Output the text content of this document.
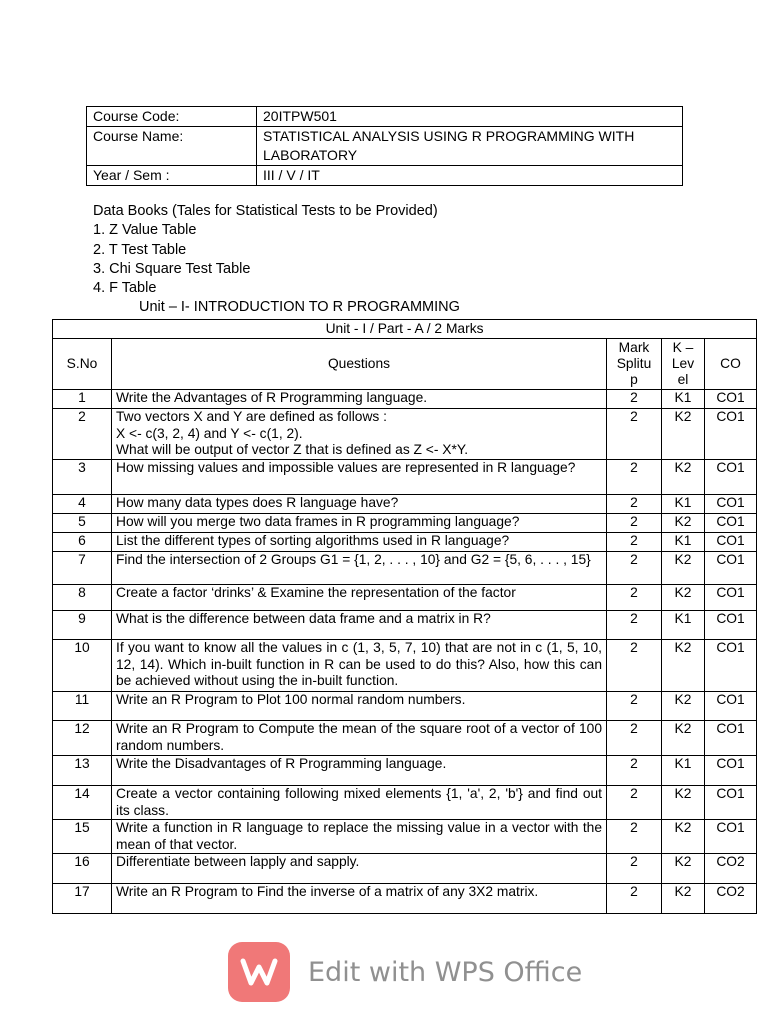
Course Code:	20ITPW501
Course Name:	STATISTICAL ANALYSIS USING R PROGRAMMING WITH LABORATORY
Year / Sem :	III / V / IT
Data Books (Tales for Statistical Tests to be Provided)
1. Z Value Table
2. T Test Table
3. Chi Square Test Table
4. F Table
Unit – I- INTRODUCTION TO R PROGRAMMING
Unit - I / Part - A / 2 Marks				
S.No	Questions	Mark Splitu p	K – Lev el	CO
1	Write the Advantages of R Programming language.	2	K1	CO1
2	Two vectors X and Y are defined as follows :
X <- c(3, 2, 4) and Y <- c(1, 2).
What will be output of vector Z that is defined as Z <- X*Y.	2	K2	CO1
3	How missing values and impossible values are represented in R language?	2	K2	CO1
4	How many data types does R language have?	2	K1	CO1
5	How will you merge two data frames in R programming language?	2	K2	CO1
6	List the different types of sorting algorithms used in R language?	2	K1	CO1
7	Find the intersection of 2 Groups G1 = {1, 2, . . . , 10} and G2 = {5, 6, . . . , 15}	2	K2	CO1
8	Create a factor ‘drinks’ & Examine the representation of the factor	2	K2	CO1
9	What is the difference between data frame and a matrix in R?	2	K1	CO1
10	If you want to know all the values in c (1, 3, 5, 7, 10) that are not in c (1, 5, 10, 12, 14). Which in-built function in R can be used to do this? Also, how this can be achieved without using the in-built function.	2	K2	CO1
11	Write an R Program to Plot 100 normal random numbers.	2	K2	CO1
12	Write an R Program to Compute the mean of the square root of a vector of 100 random numbers.	2	K2	CO1
13	Write the Disadvantages of R Programming language.	2	K1	CO1
14	Create a vector containing following mixed elements {1, 'a', 2, 'b'} and find out its class.	2	K2	CO1
15	Write a function in R language to replace the missing value in a vector with the mean of that vector.	2	K2	CO1
16	Differentiate between lapply and sapply.	2	K2	CO2
17	Write an R Program to Find the inverse of a matrix of any 3X2 matrix.	2	K2	CO2
Edit with WPS Office
